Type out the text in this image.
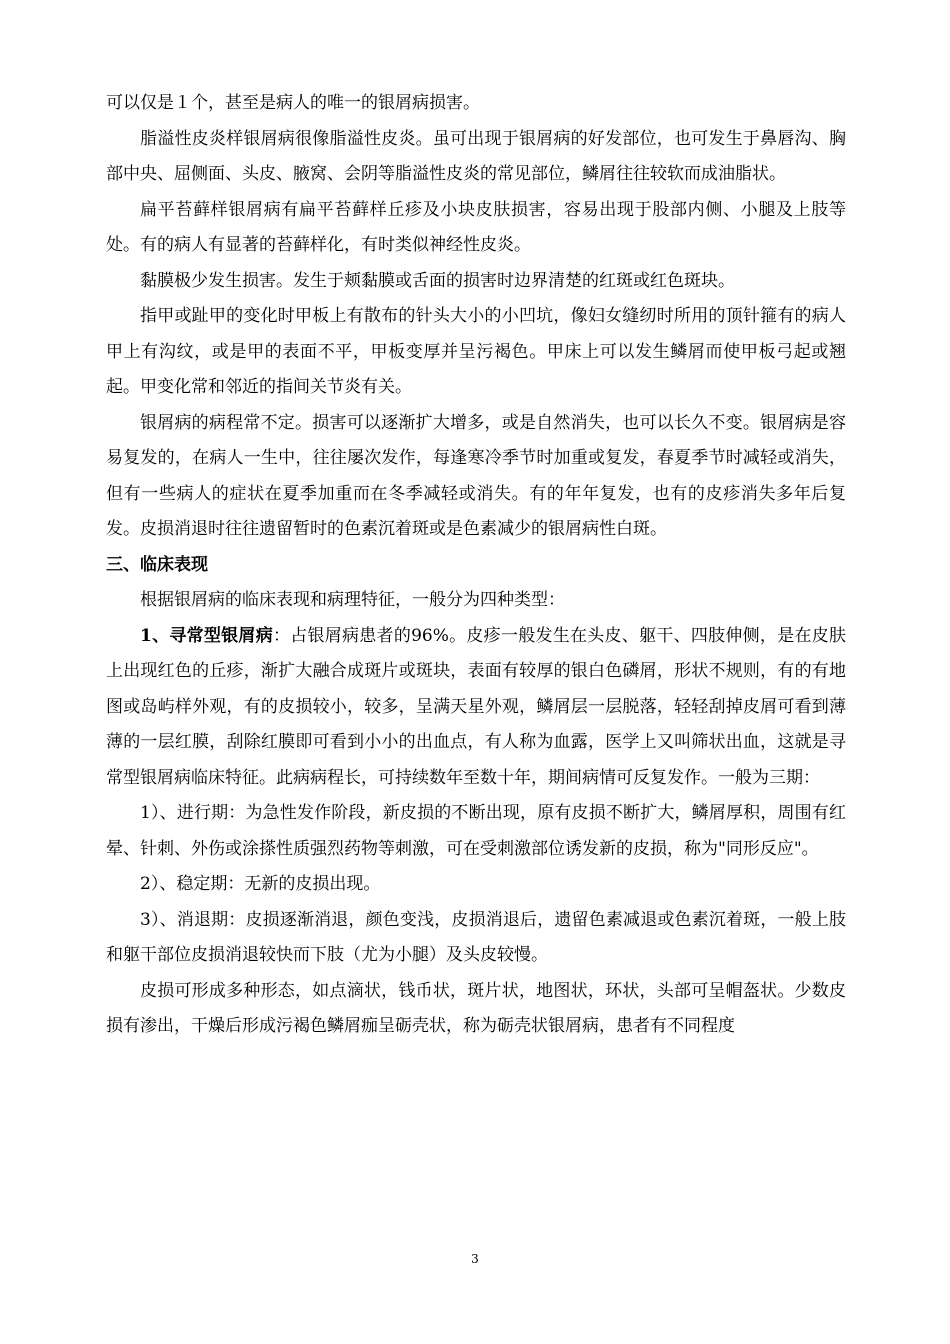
可以仅是１个，甚至是病人的唯一的银屑病损害。

脂溢性皮炎样银屑病很像脂溢性皮炎。虽可出现于银屑病的好发部位，也可发生于鼻唇沟、胸部中央、屈侧面、头皮、腋窝、会阴等脂溢性皮炎的常见部位，鳞屑往往较软而成油脂状。

扁平苔藓样银屑病有扁平苔藓样丘疹及小块皮肤损害，容易出现于股部内侧、小腿及上肢等处。有的病人有显著的苔藓样化，有时类似神经性皮炎。

黏膜极少发生损害。发生于颊黏膜或舌面的损害时边界清楚的红斑或红色斑块。

指甲或趾甲的变化时甲板上有散布的针头大小的小凹坑，像妇女缝纫时所用的顶针箍有的病人甲上有沟纹，或是甲的表面不平，甲板变厚并呈污褐色。甲床上可以发生鳞屑而使甲板弓起或翘起。甲变化常和邻近的指间关节炎有关。

银屑病的病程常不定。损害可以逐渐扩大增多，或是自然消失，也可以长久不变。银屑病是容易复发的，在病人一生中，往往屡次发作，每逢寒冷季节时加重或复发，春夏季节时减轻或消失，但有一些病人的症状在夏季加重而在冬季减轻或消失。有的年年复发，也有的皮疹消失多年后复发。皮损消退时往往遗留暂时的色素沉着斑或是色素减少的银屑病性白斑。

三、临床表现

根据银屑病的临床表现和病理特征，一般分为四种类型：

1、寻常型银屑病：占银屑病患者的96%。皮疹一般发生在头皮、躯干、四肢伸侧，是在皮肤上出现红色的丘疹，渐扩大融合成斑片或斑块，表面有较厚的银白色磷屑，形状不规则，有的有地图或岛屿样外观，有的皮损较小，较多，呈满天星外观，鳞屑层一层脱落，轻轻刮掉皮屑可看到薄薄的一层红膜，刮除红膜即可看到小小的出血点，有人称为血露，医学上又叫筛状出血，这就是寻常型银屑病临床特征。此病病程长，可持续数年至数十年，期间病情可反复发作。一般为三期：

1）、进行期：为急性发作阶段，新皮损的不断出现，原有皮损不断扩大，鳞屑厚积，周围有红晕、针刺、外伤或涂搽性质强烈药物等刺激，可在受刺激部位诱发新的皮损，称为"同形反应"。

2）、稳定期：无新的皮损出现。

3）、消退期：皮损逐渐消退，颜色变浅，皮损消退后，遗留色素减退或色素沉着斑，一般上肢和躯干部位皮损消退较快而下肢（尤为小腿）及头皮较慢。

皮损可形成多种形态，如点滴状，钱币状，斑片状，地图状，环状，头部可呈帽盔状。少数皮损有渗出，干燥后形成污褐色鳞屑痂呈砺壳状，称为砺壳状银屑病，患者有不同程度

3
